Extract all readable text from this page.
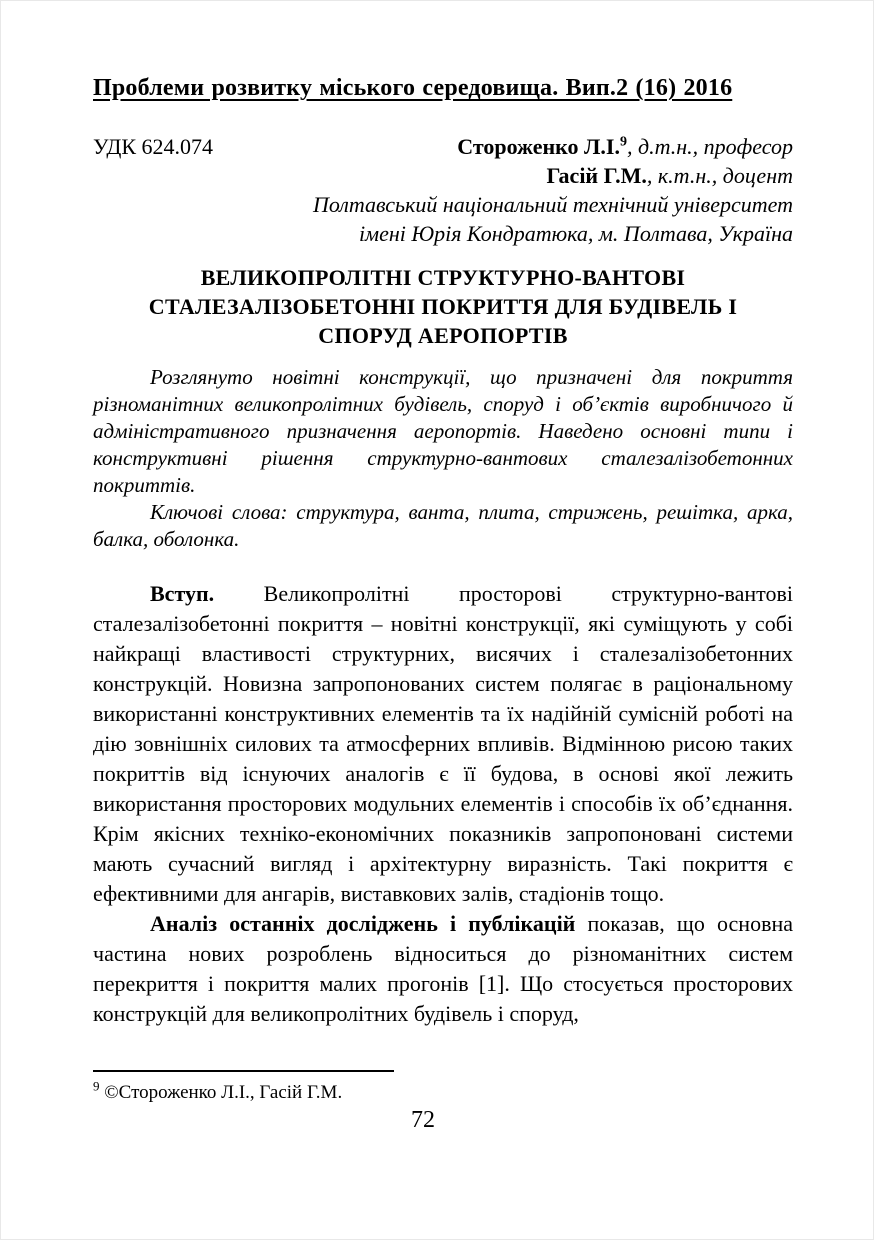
Проблеми розвитку міського середовища. Вип.2 (16) 2016
УДК 624.074	Стороженко Л.І.$^9$, д.т.н., професор
Гасій Г.М., к.т.н., доцент
Полтавський національний технічний університет
імені Юрія Кондратюка, м. Полтава, Україна
ВЕЛИКОПРОЛІТНІ СТРУКТУРНО-ВАНТОВІ
СТАЛЕЗАЛІЗОБЕТОННІ ПОКРИТТЯ ДЛЯ БУДІВЕЛЬ І
СПОРУД АЕРОПОРТІВ

Розглянуто новітні конструкції, що призначені для покриття різноманітних великопролітних будівель, споруд і об’єктів виробничого й адміністративного призначення аеропортів. Наведено основні типи і конструктивні рішення структурно-вантових сталезалізобетонних покриттів.

Ключові слова: структура, ванта, плита, стрижень, решітка, арка, балка, оболонка.

Вступ. Великопролітні просторові структурно-вантові сталезалізобетонні покриття – новітні конструкції, які суміщують у собі найкращі властивості структурних, висячих і сталезалізобетонних конструкцій. Новизна запропонованих систем полягає в раціональному використанні конструктивних елементів та їх надійній сумісній роботі на дію зовнішніх силових та атмосферних впливів. Відмінною рисою таких покриттів від існуючих аналогів є її будова, в основі якої лежить використання просторових модульних елементів і способів їх об’єднання. Крім якісних техніко-економічних показників запропоновані системи мають сучасний вигляд і архітектурну виразність. Такі покриття є ефективними для ангарів, виставкових залів, стадіонів тощо.

Аналіз останніх досліджень і публікацій показав, що основна частина нових розроблень відноситься до різноманітних систем перекриття і покриття малих прогонів [1]. Що стосується просторових конструкцій для великопролітних будівель і споруд,

$^9$ ©Стороженко Л.І., Гасій Г.М.
72
